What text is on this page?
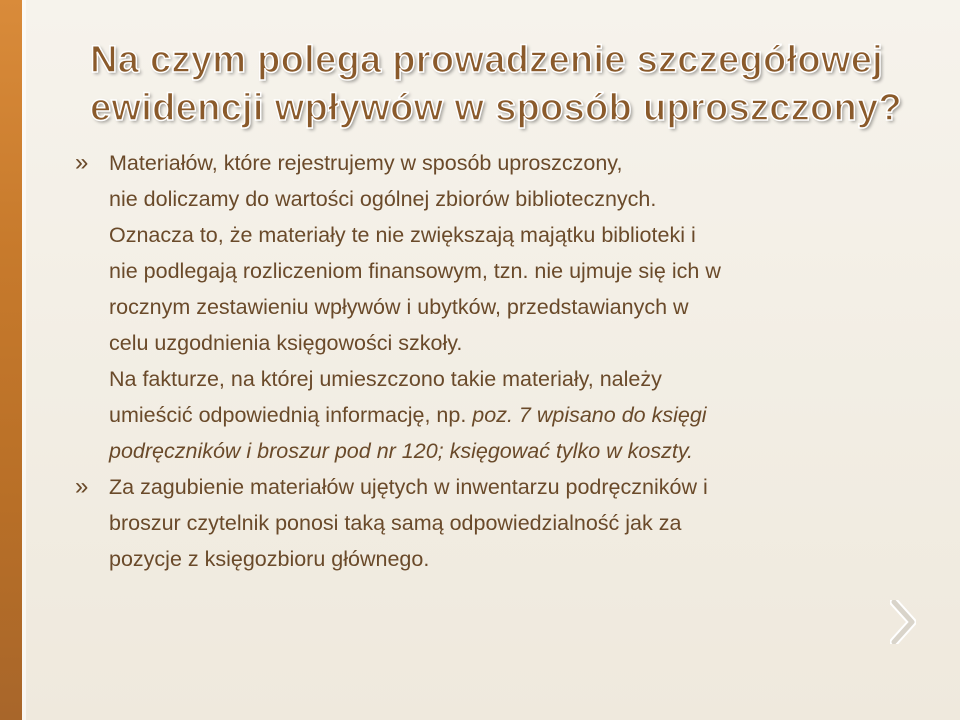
Na czym polega prowadzenie szczegółowej
ewidencji wpływów w sposób uproszczony?
» Materiałów, które rejestrujemy w sposób uproszczony,
nie doliczamy do wartości ogólnej zbiorów bibliotecznych.
Oznacza to, że materiały te nie zwiększają majątku biblioteki i
nie podlegają rozliczeniom finansowym, tzn. nie ujmuje się ich w
rocznym zestawieniu wpływów i ubytków, przedstawianych w
celu uzgodnienia księgowości szkoły.
Na fakturze, na której umieszczono takie materiały, należy
umieścić odpowiednią informację, np. poz. 7 wpisano do księgi
podręczników i broszur pod nr 120; księgować tylko w koszty.
» Za zagubienie materiałów ujętych w inwentarzu podręczników i
broszur czytelnik ponosi taką samą odpowiedzialność jak za
pozycje z księgozbioru głównego.
